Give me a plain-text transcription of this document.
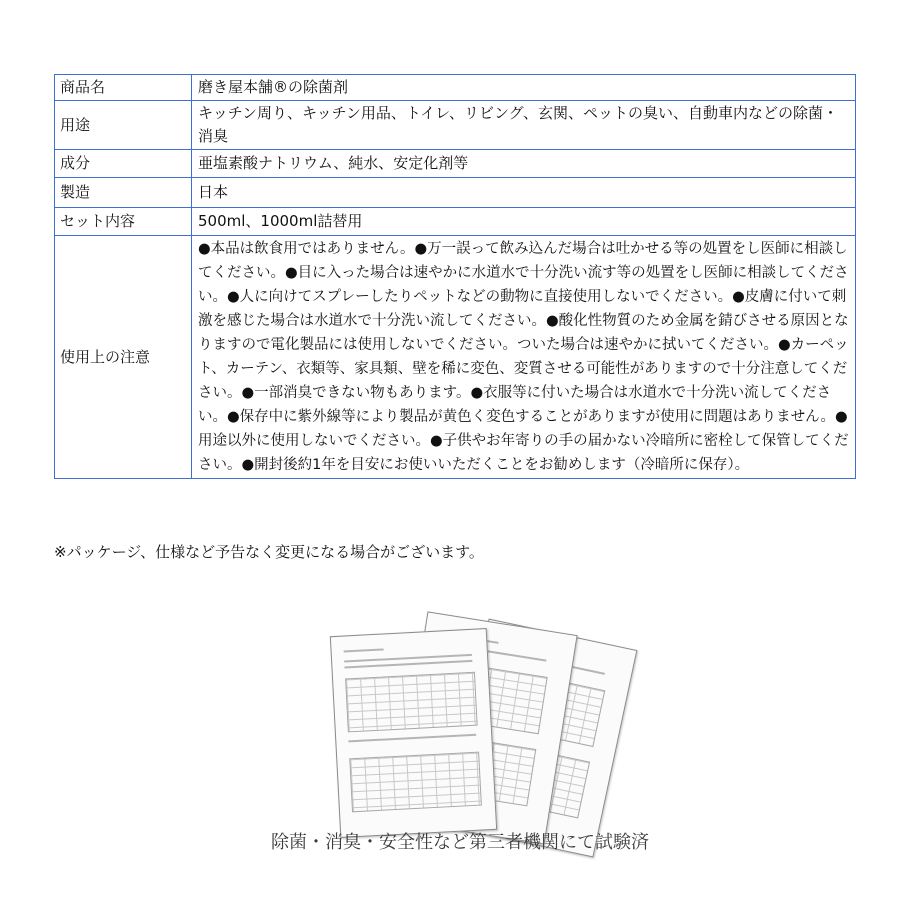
商品名	磨き屋本舗®の除菌剤
用途	キッチン周り、キッチン用品、トイレ、リビング、玄関、ペットの臭い、自動車内などの除菌・消臭
成分	亜塩素酸ナトリウム、純水、安定化剤等
製造	日本
セット内容	500ml、1000ml詰替用
使用上の注意	●本品は飲食用ではありません。●万一誤って飲み込んだ場合は吐かせる等の処置をし医師に相談してください。●目に入った場合は速やかに水道水で十分洗い流す等の処置をし医師に相談してください。●人に向けてスプレーしたりペットなどの動物に直接使用しないでください。●皮膚に付いて刺激を感じた場合は水道水で十分洗い流してください。●酸化性物質のため金属を錆びさせる原因となりますので電化製品には使用しないでください。ついた場合は速やかに拭いてください。●カーペット、カーテン、衣類等、家具類、壁を稀に変色、変質させる可能性がありますので十分注意してください。●一部消臭できない物もあります。●衣服等に付いた場合は水道水で十分洗い流してください。●保存中に紫外線等により製品が黄色く変色することがありますが使用に問題はありません。●用途以外に使用しないでください。●子供やお年寄りの手の届かない冷暗所に密栓して保管してください。●開封後約1年を目安にお使いいただくことをお勧めします（冷暗所に保存）。
※パッケージ、仕様など予告なく変更になる場合がございます。
除菌・消臭・安全性など第三者機関にて試験済
